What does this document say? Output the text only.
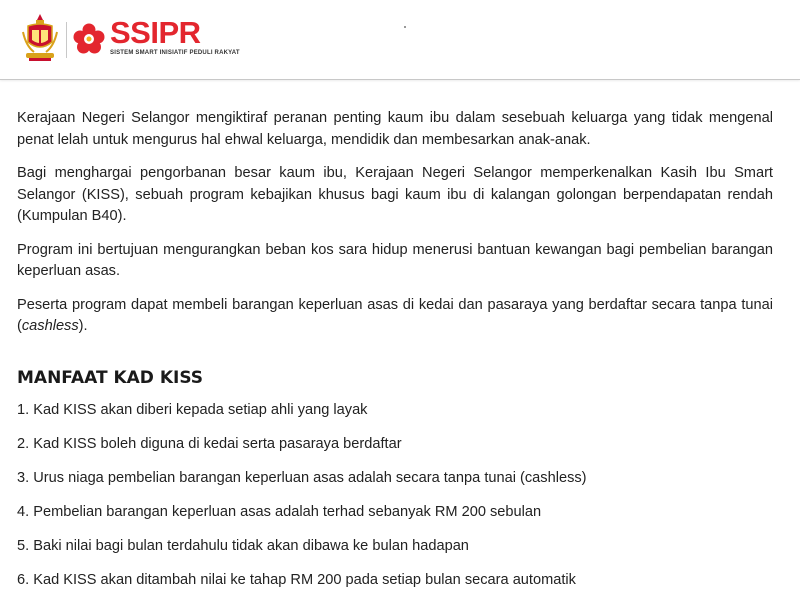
SSIPR
SISTEM SMART INISIATIF PEDULI RAKYAT

Kerajaan Negeri Selangor mengiktiraf peranan penting kaum ibu dalam sesebuah keluarga yang tidak mengenal penat lelah untuk mengurus hal ehwal keluarga, mendidik dan membesarkan anak-anak.

Bagi menghargai pengorbanan besar kaum ibu, Kerajaan Negeri Selangor memperkenalkan Kasih Ibu Smart Selangor (KISS), sebuah program kebajikan khusus bagi kaum ibu di kalangan golongan berpendapatan rendah (Kumpulan B40).

Program ini bertujuan mengurangkan beban kos sara hidup menerusi bantuan kewangan bagi pembelian barangan keperluan asas.

Peserta program dapat membeli barangan keperluan asas di kedai dan pasaraya yang berdaftar secara tanpa tunai (cashless).

MANFAAT KAD KISS
1. Kad KISS akan diberi kepada setiap ahli yang layak
2. Kad KISS boleh diguna di kedai serta pasaraya berdaftar
3. Urus niaga pembelian barangan keperluan asas adalah secara tanpa tunai (cashless)
4. Pembelian barangan keperluan asas adalah terhad sebanyak RM 200 sebulan
5. Baki nilai bagi bulan terdahulu tidak akan dibawa ke bulan hadapan
6. Kad KISS akan ditambah nilai ke tahap RM 200 pada setiap bulan secara automatik
